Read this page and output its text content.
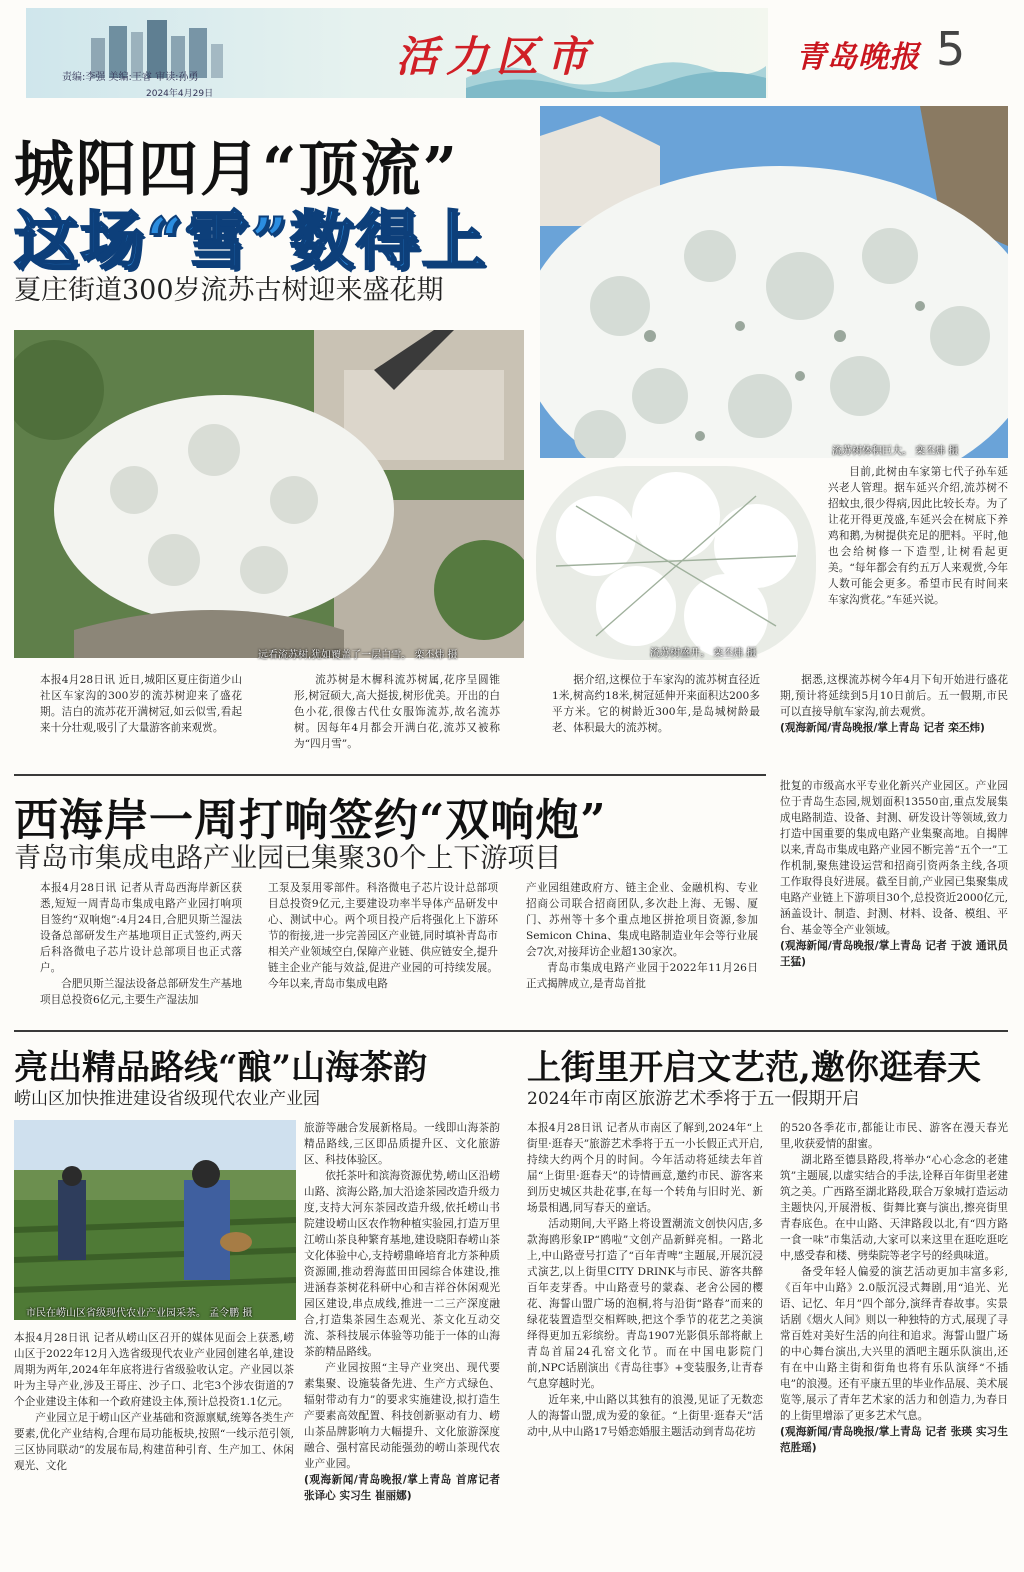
活力区市
责编:李强 美编:王睿 审读:孙勇
2024年4月29日
青岛晚报 5
城阳四月“顶流”
这场“雪”数得上
夏庄街道300岁流苏古树迎来盛花期
流苏树体积巨大。 栾丕炜 摄
远看流苏树,犹如覆盖了一层白雪。 栾丕炜 摄	流苏树盛开。 栾丕炜 摄

目前,此树由车家第七代子孙车延兴老人管理。据车延兴介绍,流苏树不招蚊虫,很少得病,因此比较长寿。为了让花开得更茂盛,车延兴会在树底下养鸡和鹅,为树提供充足的肥料。平时,他也会给树修一下造型,让树看起更美。“每年都会有约五万人来观赏,今年人数可能会更多。希望市民有时间来车家沟赏花。”车延兴说。

本报4月28日讯 近日,城阳区夏庄街道少山社区车家沟的300岁的流苏树迎来了盛花期。洁白的流苏花开满树冠,如云似雪,看起来十分壮观,吸引了大量游客前来观赏。

流苏树是木樨科流苏树属,花序呈圆锥形,树冠硕大,高大挺拔,树形优美。开出的白色小花,很像古代仕女服饰流苏,故名流苏树。因每年4月都会开满白花,流苏又被称为“四月雪”。

据介绍,这棵位于车家沟的流苏树直径近1米,树高约18米,树冠延伸开来面积达200多平方米。它的树龄近300年,是岛城树龄最老、体积最大的流苏树。

据悉,这棵流苏树今年4月下旬开始进行盛花期,预计将延续到5月10日前后。五一假期,市民可以直接导航车家沟,前去观赏。

(观海新闻/青岛晚报/掌上青岛 记者 栾丕炜)

西海岸一周打响签约“双响炮”
青岛市集成电路产业园已集聚30个上下游项目

本报4月28日讯 记者从青岛西海岸新区获悉,短短一周青岛市集成电路产业园打响项目签约“双响炮”:4月24日,合肥贝斯兰湿法设备总部研发生产基地项目正式签约,两天后科洛微电子芯片设计总部项目也正式落户。

合肥贝斯兰湿法设备总部研发生产基地项目总投资6亿元,主要生产湿法加

工泵及泵用零部件。科洛微电子芯片设计总部项目总投资9亿元,主要建设功率半导体产品研发中心、测试中心。两个项目投产后将强化上下游环节的衔接,进一步完善园区产业链,同时填补青岛市相关产业领域空白,保障产业链、供应链安全,提升链主企业产能与效益,促进产业园的可持续发展。今年以来,青岛市集成电路

产业园组建政府方、链主企业、金融机构、专业招商公司联合招商团队,多次赴上海、无锡、厦门、苏州等十多个重点地区拼抢项目资源,参加Semicon China、集成电路制造业年会等行业展会7次,对接拜访企业超130家次。

青岛市集成电路产业园于2022年11月26日正式揭牌成立,是青岛首批

批复的市级高水平专业化新兴产业园区。产业园位于青岛生态园,规划面积13550亩,重点发展集成电路制造、设备、封测、研发设计等领域,致力打造中国重要的集成电路产业集聚高地。自揭牌以来,青岛市集成电路产业园不断完善“五个一”工作机制,聚焦建设运营和招商引资两条主线,各项工作取得良好进展。截至目前,产业园已集聚集成电路产业链上下游项目30个,总投资近2000亿元,涵盖设计、制造、封测、材料、设备、模组、平台、基金等全产业领域。

(观海新闻/青岛晚报/掌上青岛 记者 于波 通讯员 王猛)

亮出精品路线“酿”山海茶韵
崂山区加快推进建设省级现代农业产业园
市民在崂山区省级现代农业产业园采茶。 孟令鹏 摄

旅游等融合发展新格局。一线即山海茶韵精品路线,三区即品质提升区、文化旅游区、科技体验区。

依托茶叶和滨海资源优势,崂山区沿崂山路、滨海公路,加大沿途茶园改造升级力度,支持大河东茶园改造升级,依托崂山书院建设崂山区农作物种植实验园,打造万里江崂山茶良种繁育基地,建设晓阳春崂山茶文化体验中心,支持崂鼎峰培育北方茶种质资源圃,推动碧海蓝田田园综合体建设,推进涵春茶树花科研中心和吉祥谷休闲观光园区建设,串点成线,推进一二三产深度融合,打造集茶园生态观光、茶文化互动交流、茶科技展示体验等功能于一体的山海茶韵精品路线。

产业园按照“主导产业突出、现代要素集聚、设施装备先进、生产方式绿色、辐射带动有力”的要求实施建设,拟打造生产要素高效配置、科技创新驱动有力、崂山茶品牌影响力大幅提升、文化旅游深度融合、强村富民动能强劲的崂山茶现代农业产业园。

(观海新闻/青岛晚报/掌上青岛 首席记者 张译心 实习生 崔丽娜)

本报4月28日讯 记者从崂山区召开的媒体见面会上获悉,崂山区于2022年12月入选省级现代农业产业园创建名单,建设周期为两年,2024年年底将进行省级验收认定。产业园以茶叶为主导产业,涉及王哥庄、沙子口、北宅3个涉农街道的7个企业建设主体和一个政府建设主体,预计总投资1.1亿元。

产业园立足于崂山区产业基础和资源禀赋,统筹各类生产要素,优化产业结构,合理布局功能板块,按照“一线示范引领,三区协同联动”的发展布局,构建苗种引育、生产加工、休闲观光、文化

上街里开启文艺范,邀你逛春天
2024年市南区旅游艺术季将于五一假期开启

本报4月28日讯 记者从市南区了解到,2024年“上街里·逛春天”旅游艺术季将于五一小长假正式开启,持续大约两个月的时间。今年活动将延续去年首届“上街里·逛春天”的诗情画意,邀约市民、游客来到历史城区共赴花事,在每一个转角与旧时光、新场景相遇,同写春天的童话。

活动期间,大平路上将设置潮流文创快闪店,多款海鸥形象IP“鸥啦”文创产品新鲜亮相。一路北上,中山路壹号打造了“百年青啤”主题展,开展沉浸式演艺,以上街里CITY DRINK与市民、游客共醉百年麦芽香。中山路壹号的蒙森、老舍公园的樱花、海誓山盟广场的泡桐,将与沿街“路春”而来的绿花装置造型交相辉映,把这个季节的花艺之美演绎得更加五彩缤纷。青岛1907光影俱乐部将献上青岛首届24孔窑文化节。而在中国电影院门前,NPC话剧演出《青岛往事》+变装服务,让青春气息穿越时光。

近年来,中山路以其独有的浪漫,见证了无数恋人的海誓山盟,成为爱的象征。“上街里·逛春天”活动中,从中山路17号婚恋婚服主题活动到青岛花坊

的520各季花市,都能让市民、游客在漫天春光里,收获爱情的甜蜜。

湖北路至德县路段,将举办“心心念念的老建筑”主题展,以虚实结合的手法,诠释百年街里老建筑之美。广西路至湖北路段,联合万象城打造运动主题快闪,开展滑板、街舞比赛与演出,擦亮街里青春底色。在中山路、天津路段以北,有“四方路一食一味”市集活动,大家可以来这里在逛吃逛吃中,感受春和楼、劈柴院等老字号的经典味道。

备受年轻人偏爱的演艺活动更加丰富多彩,《百年中山路》2.0版沉浸式舞剧,用“追光、光语、记忆、年月”四个部分,演绎青春故事。实景话剧《烟火人间》则以一种独特的方式,展现了寻常百姓对美好生活的向往和追求。海誓山盟广场的中心舞台演出,大兴里的酒吧主题乐队演出,还有在中山路主街和街角也将有乐队演绎“不插电”的浪漫。还有平康五里的毕业作品展、美术展览等,展示了青年艺术家的活力和创造力,为春日的上街里增添了更多艺术气息。

(观海新闻/青岛晚报/掌上青岛 记者 张瑛 实习生 范胜瑶)
